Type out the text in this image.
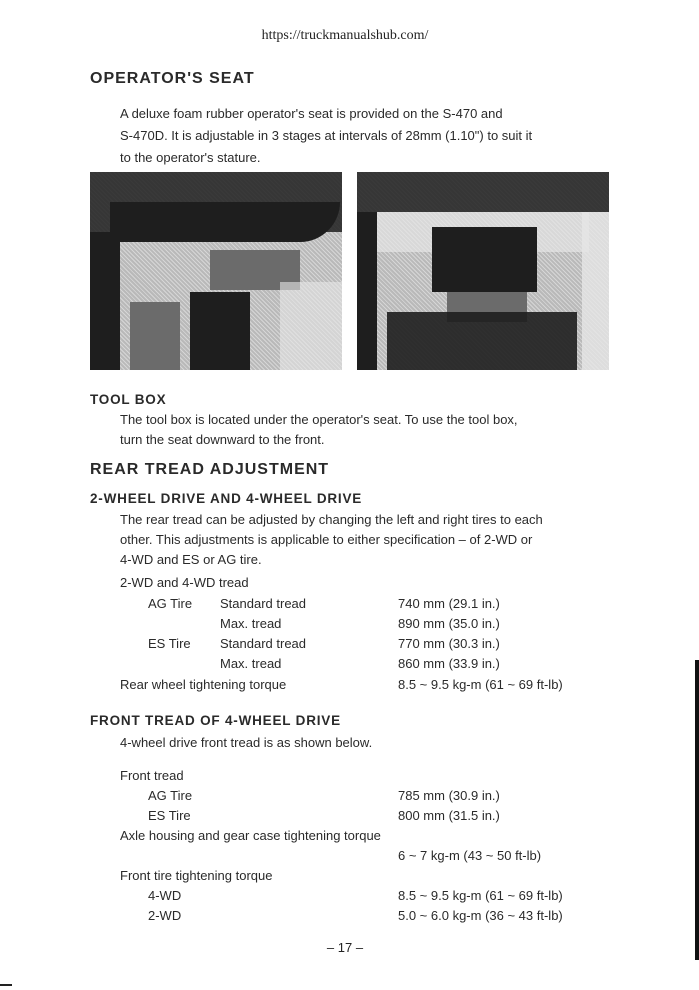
https://truckmanualshub.com/
OPERATOR'S SEAT
A deluxe foam rubber operator's seat is provided on the S-470 and
S-470D. It is adjustable in 3 stages at intervals of 28mm (1.10") to suit it
to the operator's stature.
TOOL BOX
The tool box is located under the operator's seat. To use the tool box,
turn the seat downward to the front.
REAR TREAD ADJUSTMENT
2-WHEEL DRIVE AND 4-WHEEL DRIVE
The rear tread can be adjusted by changing the left and right tires to each
other. This adjustments is applicable to either specification – of 2-WD or
4-WD and ES or AG tire.
2-WD and 4-WD tread
AG Tire Standard tread	740 mm (29.1 in.)
Max. tread	890 mm (35.0 in.)
ES Tire Standard tread	770 mm (30.3 in.)
Max. tread	860 mm (33.9 in.)
Rear wheel tightening torque	8.5 ~ 9.5 kg-m (61 ~ 69 ft-lb)
FRONT TREAD OF 4-WHEEL DRIVE
4-wheel drive front tread is as shown below.
Front tread
AG Tire	785 mm (30.9 in.)
ES Tire	800 mm (31.5 in.)
Axle housing and gear case tightening torque
6 ~ 7 kg-m (43 ~ 50 ft-lb)
Front tire tightening torque
4-WD	8.5 ~ 9.5 kg-m (61 ~ 69 ft-lb)
2-WD	5.0 ~ 6.0 kg-m (36 ~ 43 ft-lb)
– 17 –
